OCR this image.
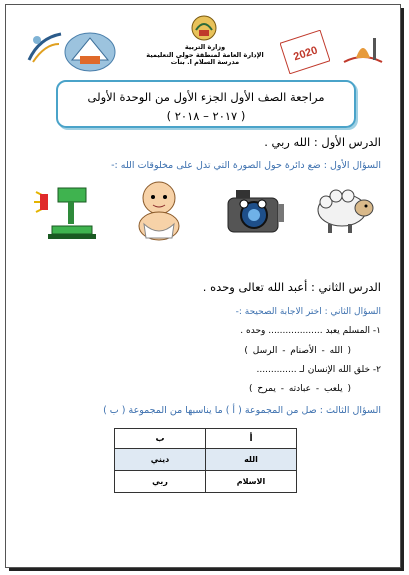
وزارة التربية
الإدارة العامة لمنطقة حولي التعليمية
مدرسة السلام ا. بنات	2020
مراجعة الصف الأول الجزء الأول من الوحدة الأولى
( ٢٠١٧ – ٢٠١٨ )
الدرس الأول : الله ربي .
السؤال الأول : ضع دائرة حول الصورة التي تدل على مخلوقات الله :-
الدرس الثاني : أعبد الله تعالى وحده .
السؤال الثاني : اختر الاجابة الصحيحة :-
١- المسلم يعبد ................... وحده .
( الله - الأصنام - الرسل )
٢- خلق الله الإنسان لـ ..............
( يلعب - عبادته - يمرح )
السؤال الثالث : صل من المجموعة ( أ ) ما يناسبها من المجموعة ( ب )
أ	ب
الله	ديني
الاسلام	ربي
